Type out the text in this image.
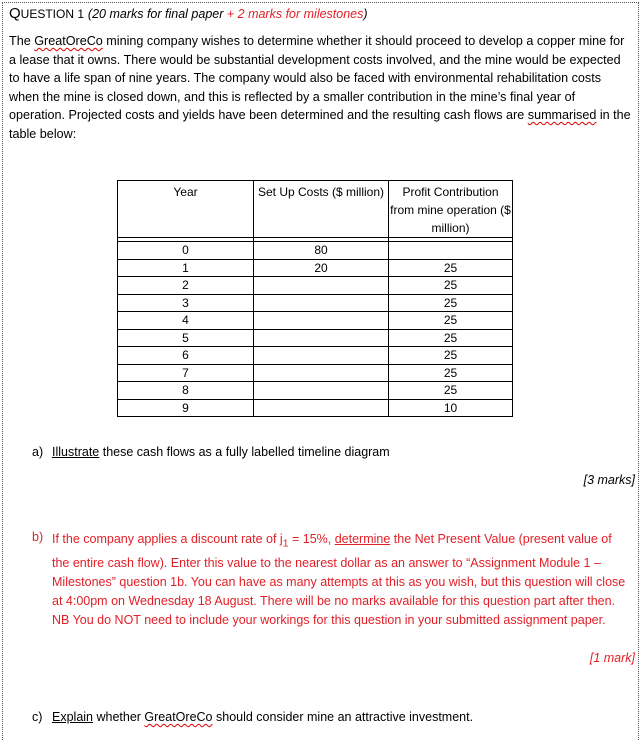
QUESTION 1 (20 marks for final paper + 2 marks for milestones)
The GreatOreCo mining company wishes to determine whether it should proceed to develop a copper mine for a lease that it owns. There would be substantial development costs involved, and the mine would be expected to have a life span of nine years. The company would also be faced with environmental rehabilitation costs when the mine is closed down, and this is reflected by a smaller contribution in the mine’s final year of operation. Projected costs and yields have been determined and the resulting cash flows are summarised in the table below:
Year	Set Up Costs ($ million)	Profit Contribution from mine operation ($ million)

0	80	
1	20	25
2		25
3		25
4		25
5		25
6		25
7		25
8		25
9		10
a) Illustrate these cash flows as a fully labelled timeline diagram
[3 marks]
b) If the company applies a discount rate of $j_1 = 15\%$, determine the Net Present Value (present value of the entire cash flow). Enter this value to the nearest dollar as an answer to “Assignment Module 1 – Milestones” question 1b. You can have as many attempts at this as you wish, but this question will close at 4:00pm on Wednesday 18 August. There will be no marks available for this question part after then. NB You do NOT need to include your workings for this question in your submitted assignment paper.
[1 mark]
c) Explain whether GreatOreCo should consider mine an attractive investment.
